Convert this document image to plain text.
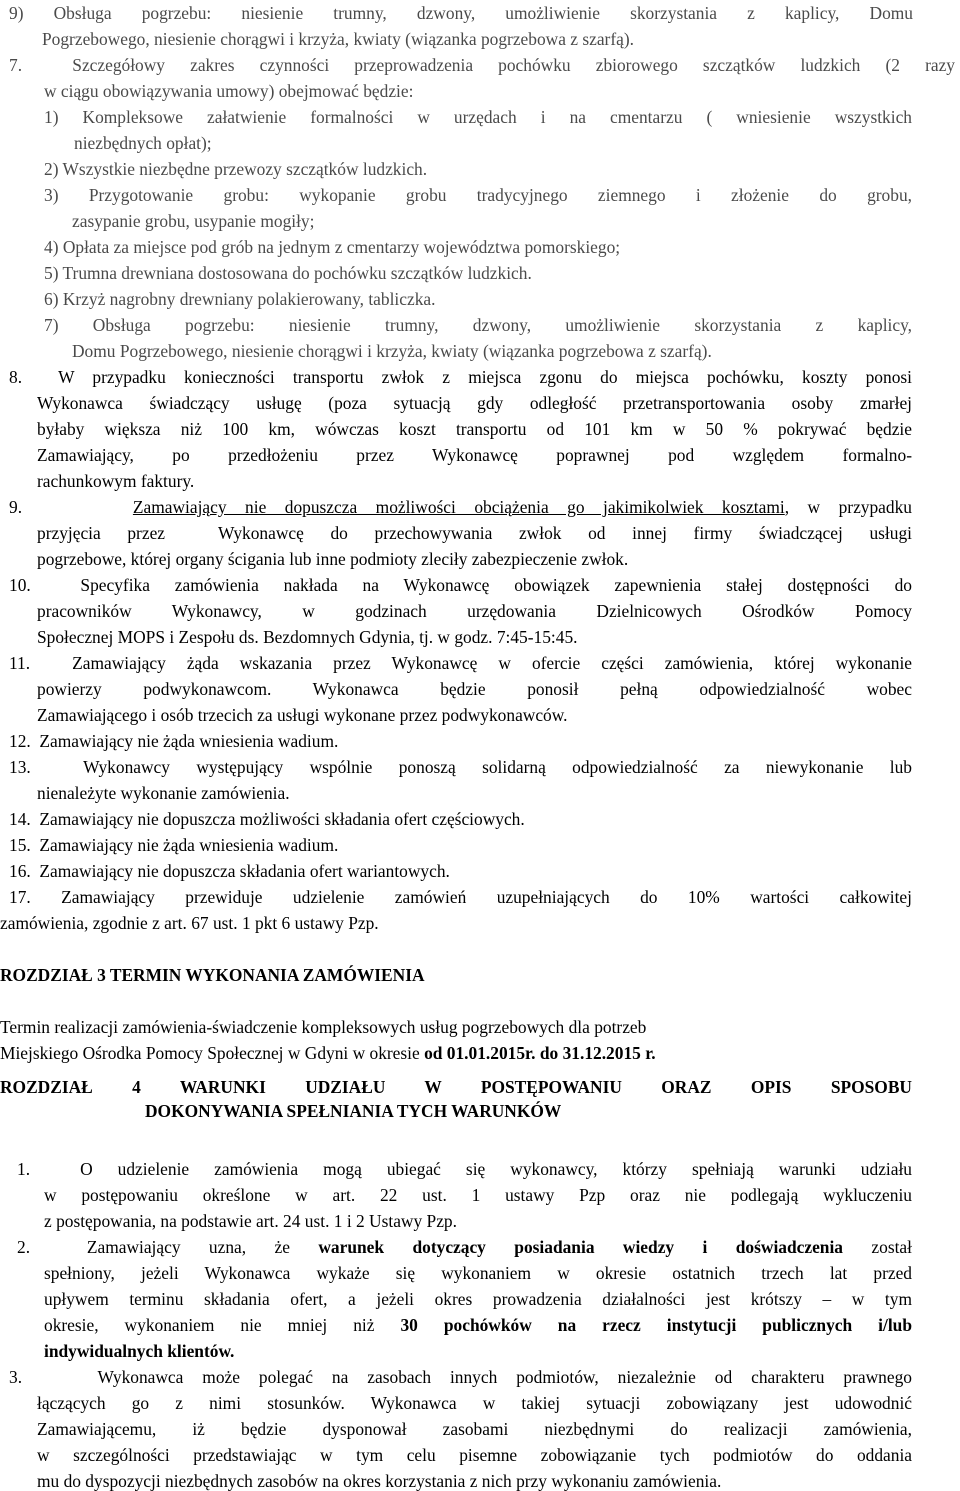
9) Obsługa pogrzebu: niesienie trumny, dzwony, umożliwienie skorzystania z kaplicy, Domu
Pogrzebowego, niesienie chorągwi i krzyża, kwiaty (wiązanka pogrzebowa z szarfą).
7.  Szczegółowy zakres czynności przeprowadzenia pochówku zbiorowego szczątków ludzkich (2 razy
w ciągu obowiązywania umowy) obejmować będzie:
1) Kompleksowe załatwienie formalności w urzędach i na cmentarzu ( wniesienie wszystkich
niezbędnych opłat);
2) Wszystkie niezbędne przewozy szczątków ludzkich.
3) Przygotowanie grobu: wykopanie grobu tradycyjnego ziemnego i złożenie do grobu,
zasypanie grobu, usypanie mogiły;
4) Opłata za miejsce pod grób na jednym z cmentarzy województwa pomorskiego;
5) Trumna drewniana dostosowana do pochówku szczątków ludzkich.
6) Krzyż nagrobny drewniany polakierowany, tabliczka.
7) Obsługa pogrzebu: niesienie trumny, dzwony, umożliwienie skorzystania z kaplicy,
Domu Pogrzebowego, niesienie chorągwi i krzyża, kwiaty (wiązanka pogrzebowa z szarfą).
8.  W przypadku konieczności transportu zwłok z miejsca zgonu do miejsca pochówku, koszty ponosi
Wykonawca świadczący usługę (poza sytuacją gdy odległość przetransportowania osoby zmarłej
byłaby większa niż 100 km, wówczas koszt transportu od 101 km w 50 % pokrywać będzie
Zamawiający, po przedłożeniu przez Wykonawcę poprawnej pod względem formalno-
rachunkowym faktury.
9.      Zamawiający nie dopuszcza możliwości obciążenia go jakimikolwiek kosztami, w przypadku
przyjęcia przez  Wykonawcę do przechowywania zwłok od innej firmy świadczącej usługi
pogrzebowe, której organy ścigania lub inne podmioty zleciły zabezpieczenie zwłok.
10.  Specyfika zamówienia nakłada na Wykonawcę obowiązek zapewnienia stałej dostępności do
pracowników Wykonawcy, w godzinach urzędowania Dzielnicowych Ośrodków Pomocy
Społecznej MOPS i Zespołu ds. Bezdomnych Gdynia, tj. w godz. 7:45-15:45.
11.  Zamawiający żąda wskazania przez Wykonawcę w ofercie części zamówienia, której wykonanie
powierzy podwykonawcom. Wykonawca będzie ponosił pełną odpowiedzialność wobec
Zamawiającego i osób trzecich za usługi wykonane przez podwykonawców.
12.  Zamawiający nie żąda wniesienia wadium.
13.  Wykonawcy występujący wspólnie ponoszą solidarną odpowiedzialność za niewykonanie lub
nienależyte wykonanie zamówienia.
14.  Zamawiający nie dopuszcza możliwości składania ofert częściowych.
15.  Zamawiający nie żąda wniesienia wadium.
16.  Zamawiający nie dopuszcza składania ofert wariantowych.
17. Zamawiający przewiduje udzielenie zamówień uzupełniających do 10% wartości całkowitej
zamówienia, zgodnie z art. 67 ust. 1 pkt 6 ustawy Pzp.
ROZDZIAŁ 3 TERMIN WYKONANIA ZAMÓWIENIA
Termin realizacji zamówienia-świadczenie kompleksowych usług pogrzebowych dla potrzeb
Miejskiego Ośrodka Pomocy Społecznej w Gdyni w okresie od 01.01.2015r. do 31.12.2015 r.
ROZDZIAŁ 4 WARUNKI UDZIAŁU W POSTĘPOWANIU ORAZ OPIS SPOSOBU
DOKONYWANIA SPEŁNIANIA TYCH WARUNKÓW
1.  O udzielenie zamówienia mogą ubiegać się wykonawcy, którzy spełniają warunki udziału
w postępowaniu określone w art. 22 ust. 1 ustawy Pzp oraz nie podlegają wykluczeniu
z postępowania, na podstawie art. 24 ust. 1 i 2 Ustawy Pzp.
2.  Zamawiający uzna, że warunek dotyczący posiadania wiedzy i doświadczenia został
spełniony, jeżeli Wykonawca wykaże się wykonaniem w okresie ostatnich trzech lat przed
upływem terminu składania ofert, a jeżeli okres prowadzenia działalności jest krótszy – w tym
okresie, wykonaniem nie mniej niż 30 pochówków na rzecz instytucji publicznych i/lub
indywidualnych klientów.
3.    Wykonawca może polegać na zasobach innych podmiotów, niezależnie od charakteru prawnego
łączących go z nimi stosunków. Wykonawca w takiej sytuacji zobowiązany jest udowodnić
Zamawiającemu, iż będzie dysponował zasobami niezbędnymi do realizacji zamówienia,
w szczególności przedstawiając w tym celu pisemne zobowiązanie tych podmiotów do oddania
mu do dyspozycji niezbędnych zasobów na okres korzystania z nich przy wykonaniu zamówienia.
